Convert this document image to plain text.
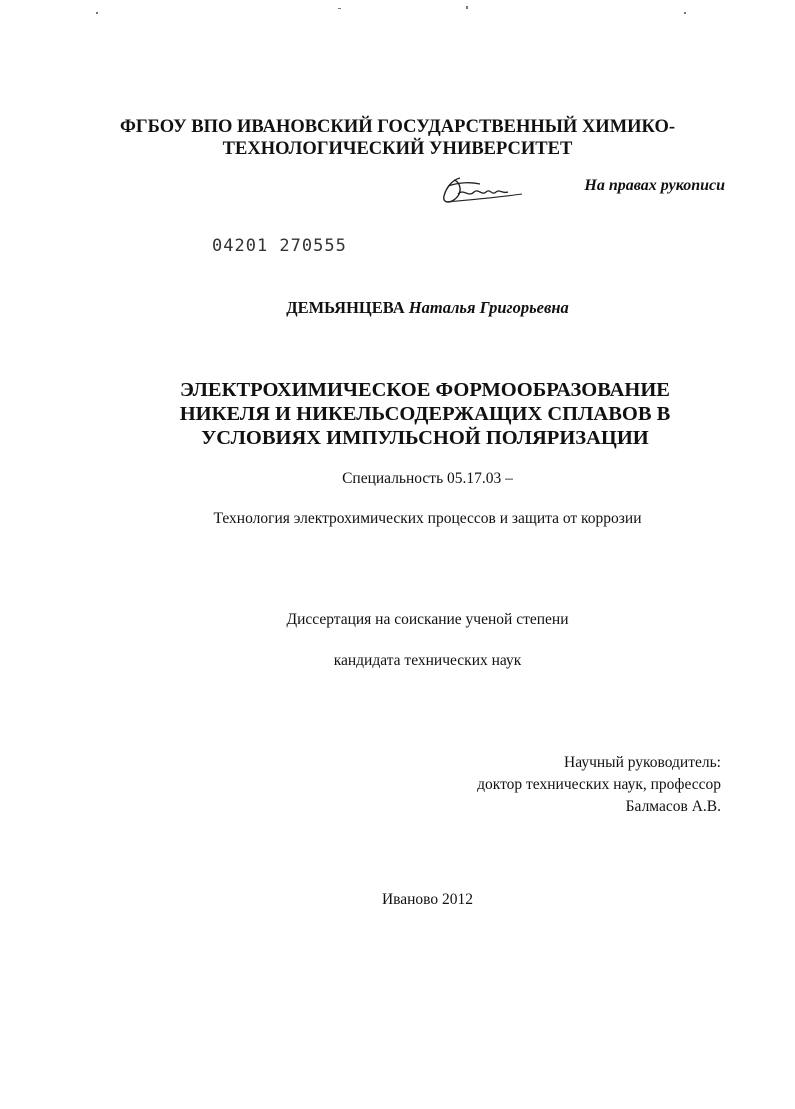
ФГБОУ ВПО ИВАНОВСКИЙ ГОСУДАРСТВЕННЫЙ ХИМИКО-
ТЕХНОЛОГИЧЕСКИЙ УНИВЕРСИТЕТ
На правах рукописи
04201 270555
ДЕМЬЯНЦЕВА Наталья Григорьевна
ЭЛЕКТРОХИМИЧЕСКОЕ ФОРМООБРАЗОВАНИЕ
НИКЕЛЯ И НИКЕЛЬСОДЕРЖАЩИХ СПЛАВОВ В
УСЛОВИЯХ ИМПУЛЬСНОЙ ПОЛЯРИЗАЦИИ
Специальность 05.17.03 –
Технология электрохимических процессов и защита от коррозии
Диссертация на соискание ученой степени
кандидата технических наук
Научный руководитель:
доктор технических наук, профессор
Балмасов А.В.
Иваново 2012
